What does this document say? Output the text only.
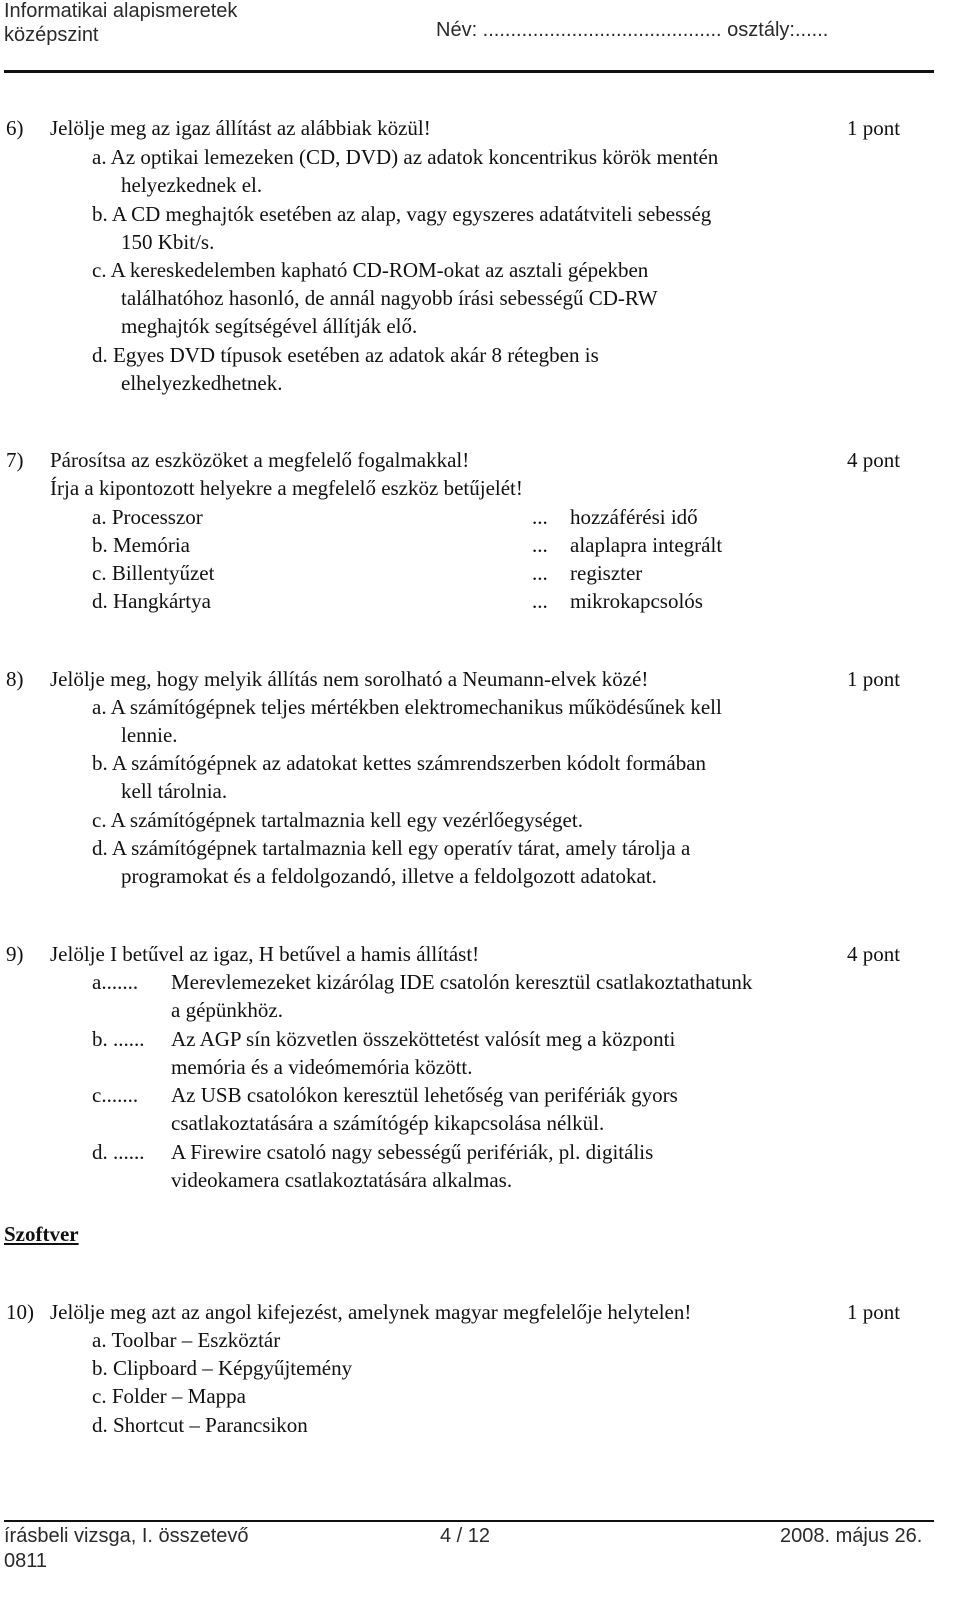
Informatikai alapismeretek
középszint	Név: ........................................... osztály:......
6) Jelölje meg az igaz állítást az alábbiak közül!	1 pont
a. Az optikai lemezeken (CD, DVD) az adatok koncentrikus körök mentén
helyezkednek el.
b. A CD meghajtók esetében az alap, vagy egyszeres adatátviteli sebesség
150 Kbit/s.
c. A kereskedelemben kapható CD-ROM-okat az asztali gépekben
találhatóhoz hasonló, de annál nagyobb írási sebességű CD-RW
meghajtók segítségével állítják elő.
d. Egyes DVD típusok esetében az adatok akár 8 rétegben is
elhelyezkedhetnek.
7) Párosítsa az eszközöket a megfelelő fogalmakkal!	4 pont
Írja a kipontozott helyekre a megfelelő eszköz betűjelét!
a. Processzor	... hozzáférési idő
b. Memória	... alaplapra integrált
c. Billentyűzet	... regiszter
d. Hangkártya	... mikrokapcsolós
8) Jelölje meg, hogy melyik állítás nem sorolható a Neumann-elvek közé!	1 pont
a. A számítógépnek teljes mértékben elektromechanikus működésűnek kell
lennie.
b. A számítógépnek az adatokat kettes számrendszerben kódolt formában
kell tárolnia.
c. A számítógépnek tartalmaznia kell egy vezérlőegységet.
d. A számítógépnek tartalmaznia kell egy operatív tárat, amely tárolja a
programokat és a feldolgozandó, illetve a feldolgozott adatokat.
9) Jelölje I betűvel az igaz, H betűvel a hamis állítást!	4 pont
a....... Merevlemezeket kizárólag IDE csatolón keresztül csatlakoztathatunk
a gépünkhöz.
b. ...... Az AGP sín közvetlen összeköttetést valósít meg a központi
memória és a videómemória között.
c....... Az USB csatolókon keresztül lehetőség van perifériák gyors
csatlakoztatására a számítógép kikapcsolása nélkül.
d. ...... A Firewire csatoló nagy sebességű perifériák, pl. digitális
videokamera csatlakoztatására alkalmas.
Szoftver
10) Jelölje meg azt az angol kifejezést, amelynek magyar megfelelője helytelen!	1 pont
a. Toolbar – Eszköztár
b. Clipboard – Képgyűjtemény
c. Folder – Mappa
d. Shortcut – Parancsikon
írásbeli vizsga, I. összetevő
0811
4 / 12	2008. május 26.
